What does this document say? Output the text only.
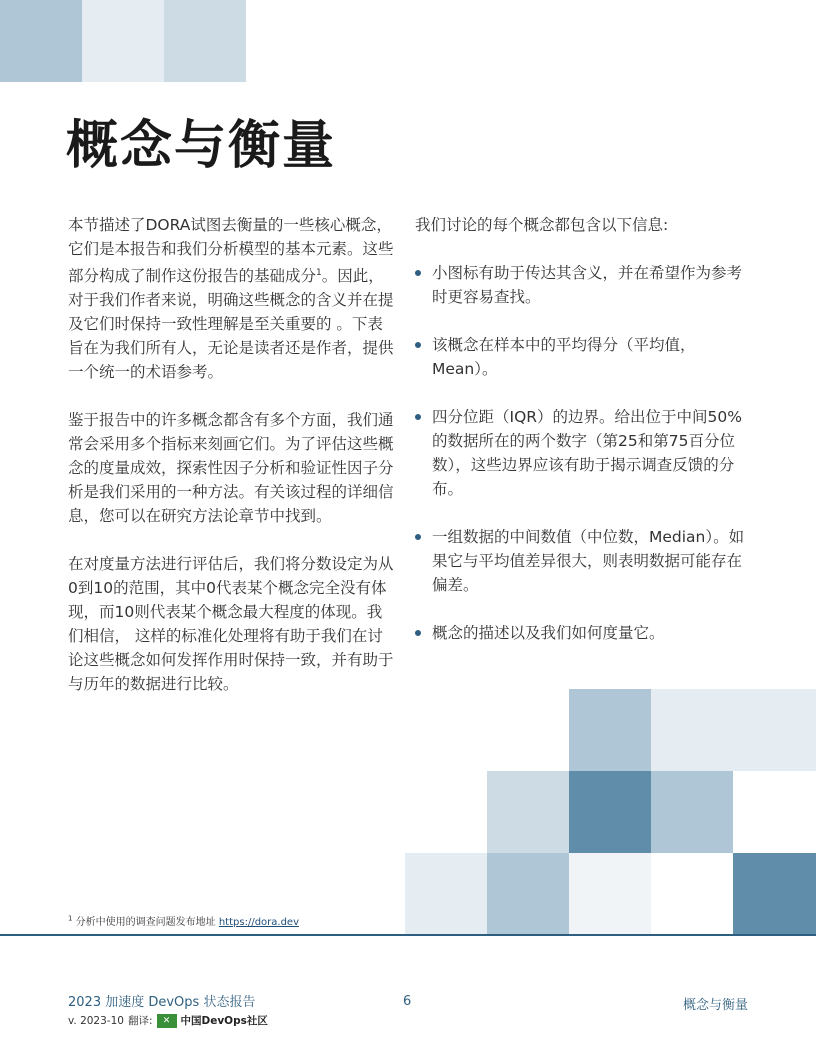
概念与衡量

本节描述了DORA试图去衡量的一些核心概念，它们是本报告和我们分析模型的基本元素。这些部分构成了制作这份报告的基础成分$^1$。因此，对于我们作者来说，明确这些概念的含义并在提及它们时保持一致性理解是至关重要的 。下表旨在为我们所有人，无论是读者还是作者，提供一个统一的术语参考。

鉴于报告中的许多概念都含有多个方面，我们通常会采用多个指标来刻画它们。为了评估这些概念的度量成效，探索性因子分析和验证性因子分析是我们采用的一种方法。有关该过程的详细信息，您可以在研究方法论章节中找到。

在对度量方法进行评估后，我们将分数设定为从0到10的范围，其中0代表某个概念完全没有体现，而10则代表某个概念最大程度的体现。我们相信， 这样的标准化处理将有助于我们在讨论这些概念如何发挥作用时保持一致，并有助于与历年的数据进行比较。

我们讨论的每个概念都包含以下信息:

小图标有助于传达其含义，并在希望作为参考时更容易查找。
该概念在样本中的平均得分（平均值，Mean）。
四分位距（IQR）的边界。给出位于中间50%的数据所在的两个数字（第25和第75百分位数），这些边界应该有助于揭示调查反馈的分布。
一组数据的中间数值（中位数，Median）。如果它与平均值差异很大，则表明数据可能存在偏差。
概念的描述以及我们如何度量它。
$^1$ 分析中使用的调查问题发布地址 https://dora.dev
2023 加速度 DevOps 状态报告	6	概念与衡量
v. 2023-10 翻译:	✕ 中国DevOps社区
